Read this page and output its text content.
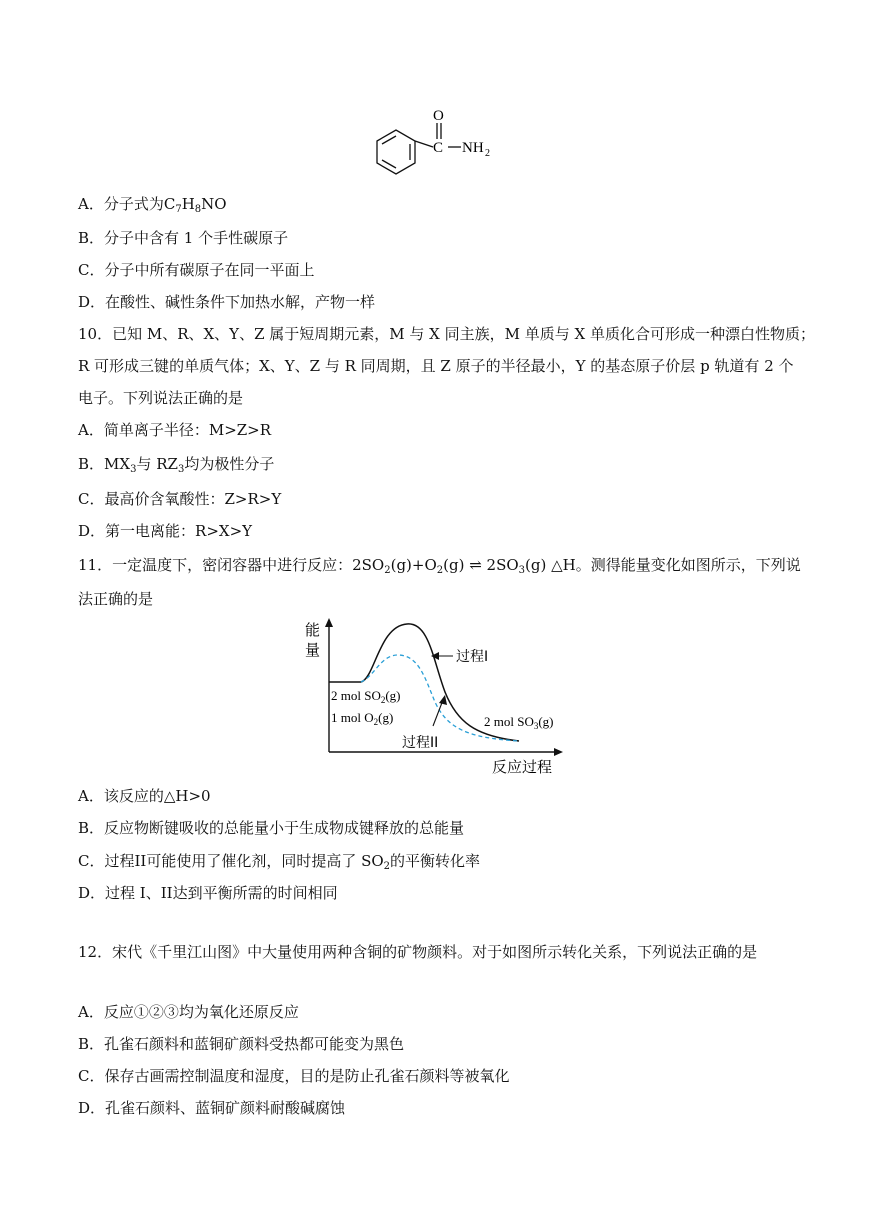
O
C NH 2
A．分子式为$C_7H_8NO$
B．分子中含有 1 个手性碳原子
C．分子中所有碳原子在同一平面上
D．在酸性、碱性条件下加热水解，产物一样
10．已知 M、R、X、Y、Z 属于短周期元素，M 与 X 同主族，M 单质与 X 单质化合可形成一种漂白性物质；
R 可形成三键的单质气体；X、Y、Z 与 R 同周期，且 Z 原子的半径最小，Y 的基态原子价层 p 轨道有 2 个
电子。下列说法正确的是
A．简单离子半径：M>Z>R
B．$MX_3$与 $RZ_3$均为极性分子
C．最高价含氧酸性：Z>R>Y
D．第一电离能：R>X>Y
11．一定温度下，密闭容器中进行反应：$2SO_2(g)+O_2(g)$ ⇌ $2SO_3(g)$ △H。测得能量变化如图所示，下列说
法正确的是
能
量	过程I
过程II
反应过程
2 mol $SO_2(g)$
1 mol $O_2(g)$	2 mol $SO_3(g)$
A．该反应的△H>0
B．反应物断键吸收的总能量小于生成物成键释放的总能量
C．过程II可能使用了催化剂，同时提高了 $SO_2$的平衡转化率
D．过程 I、II达到平衡所需的时间相同
12．宋代《千里江山图》中大量使用两种含铜的矿物颜料。对于如图所示转化关系，下列说法正确的是
A．反应①②③均为氧化还原反应
B．孔雀石颜料和蓝铜矿颜料受热都可能变为黑色
C．保存古画需控制温度和湿度，目的是防止孔雀石颜料等被氧化
D．孔雀石颜料、蓝铜矿颜料耐酸碱腐蚀
